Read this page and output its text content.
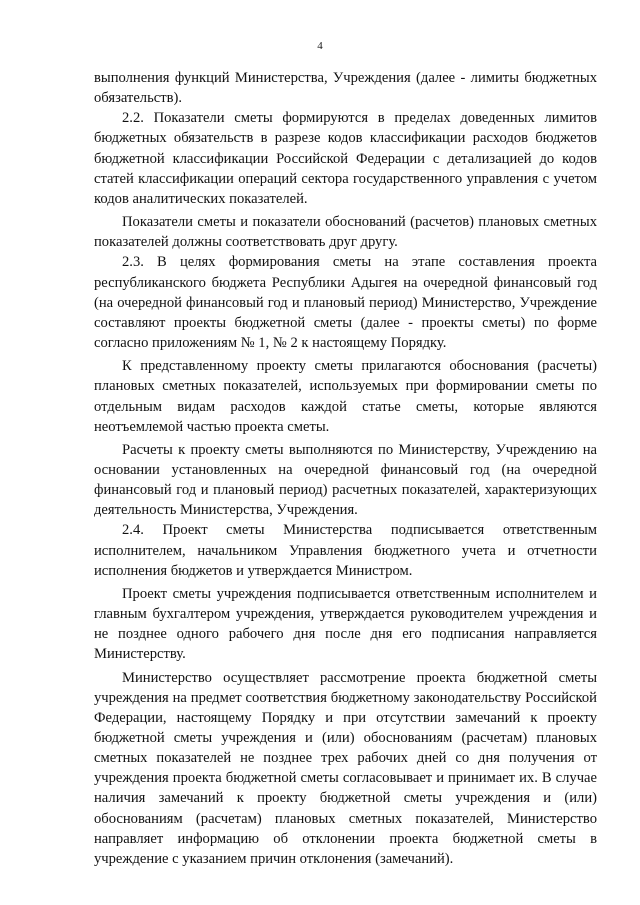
4

выполнения функций Министерства, Учреждения (далее - лимиты бюджетных обязательств).

2.2. Показатели сметы формируются в пределах доведенных лимитов бюджетных обязательств в разрезе кодов классификации расходов бюджетов бюджетной классификации Российской Федерации с детализацией до кодов статей классификации операций сектора государственного управления с учетом кодов аналитических показателей.

Показатели сметы и показатели обоснований (расчетов) плановых сметных показателей должны соответствовать друг другу.

2.3. В целях формирования сметы на этапе составления проекта республиканского бюджета Республики Адыгея на очередной финансовый год (на очередной финансовый год и плановый период) Министерство, Учреждение составляют проекты бюджетной сметы (далее - проекты сметы) по форме согласно приложениям № 1, № 2 к настоящему Порядку.

К представленному проекту сметы прилагаются обоснования (расчеты) плановых сметных показателей, используемых при формировании сметы по отдельным видам расходов каждой статье сметы, которые являются неотъемлемой частью проекта сметы.

Расчеты к проекту сметы выполняются по Министерству, Учреждению на основании установленных на очередной финансовый год (на очередной финансовый год и плановый период) расчетных показателей, характеризующих деятельность Министерства, Учреждения.

2.4. Проект сметы Министерства подписывается ответственным исполнителем, начальником Управления бюджетного учета и отчетности исполнения бюджетов и утверждается Министром.

Проект сметы учреждения подписывается ответственным исполнителем и главным бухгалтером учреждения, утверждается руководителем учреждения и не позднее одного рабочего дня после дня его подписания направляется Министерству.

Министерство осуществляет рассмотрение проекта бюджетной сметы учреждения на предмет соответствия бюджетному законодательству Российской Федерации, настоящему Порядку и при отсутствии замечаний к проекту бюджетной сметы учреждения и (или) обоснованиям (расчетам) плановых сметных показателей не позднее трех рабочих дней со дня получения от учреждения проекта бюджетной сметы согласовывает и принимает их. В случае наличия замечаний к проекту бюджетной сметы учреждения и (или) обоснованиям (расчетам) плановых сметных показателей, Министерство направляет информацию об отклонении проекта бюджетной сметы в учреждение с указанием причин отклонения (замечаний).
